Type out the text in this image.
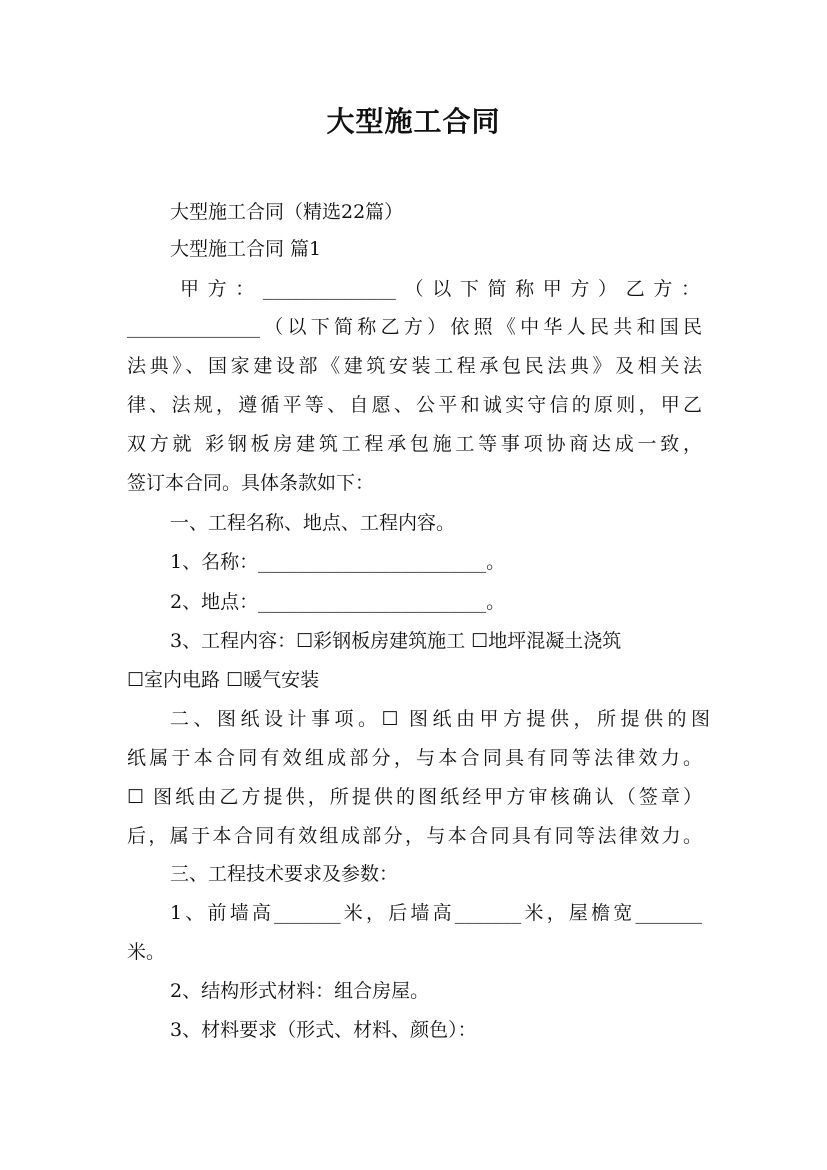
大型施工合同
大型施工合同（精选22篇）
大型施工合同 篇1
甲方：______________（以下简称甲方）乙方：
______________（以下简称乙方）依照《中华人民共和国民
法典》、国家建设部《建筑安装工程承包民法典》及相关法
律、法规，遵循平等、自愿、公平和诚实守信的原则，甲乙
双方就 彩钢板房建筑工程承包施工等事项协商达成一致，
签订本合同。具体条款如下：
一、工程名称、地点、工程内容。
1、名称：________________________。
2、地点：________________________。
3、工程内容：☐彩钢板房建筑施工 ☐地坪混凝土浇筑
☐室内电路 ☐暖气安装
二、图纸设计事项。☐ 图纸由甲方提供，所提供的图
纸属于本合同有效组成部分，与本合同具有同等法律效力。
☐ 图纸由乙方提供，所提供的图纸经甲方审核确认（签章）
后，属于本合同有效组成部分，与本合同具有同等法律效力。
三、工程技术要求及参数：
1、前墙高_______米，后墙高_______米，屋檐宽_______
米。
2、结构形式材料：组合房屋。
3、材料要求（形式、材料、颜色）：
